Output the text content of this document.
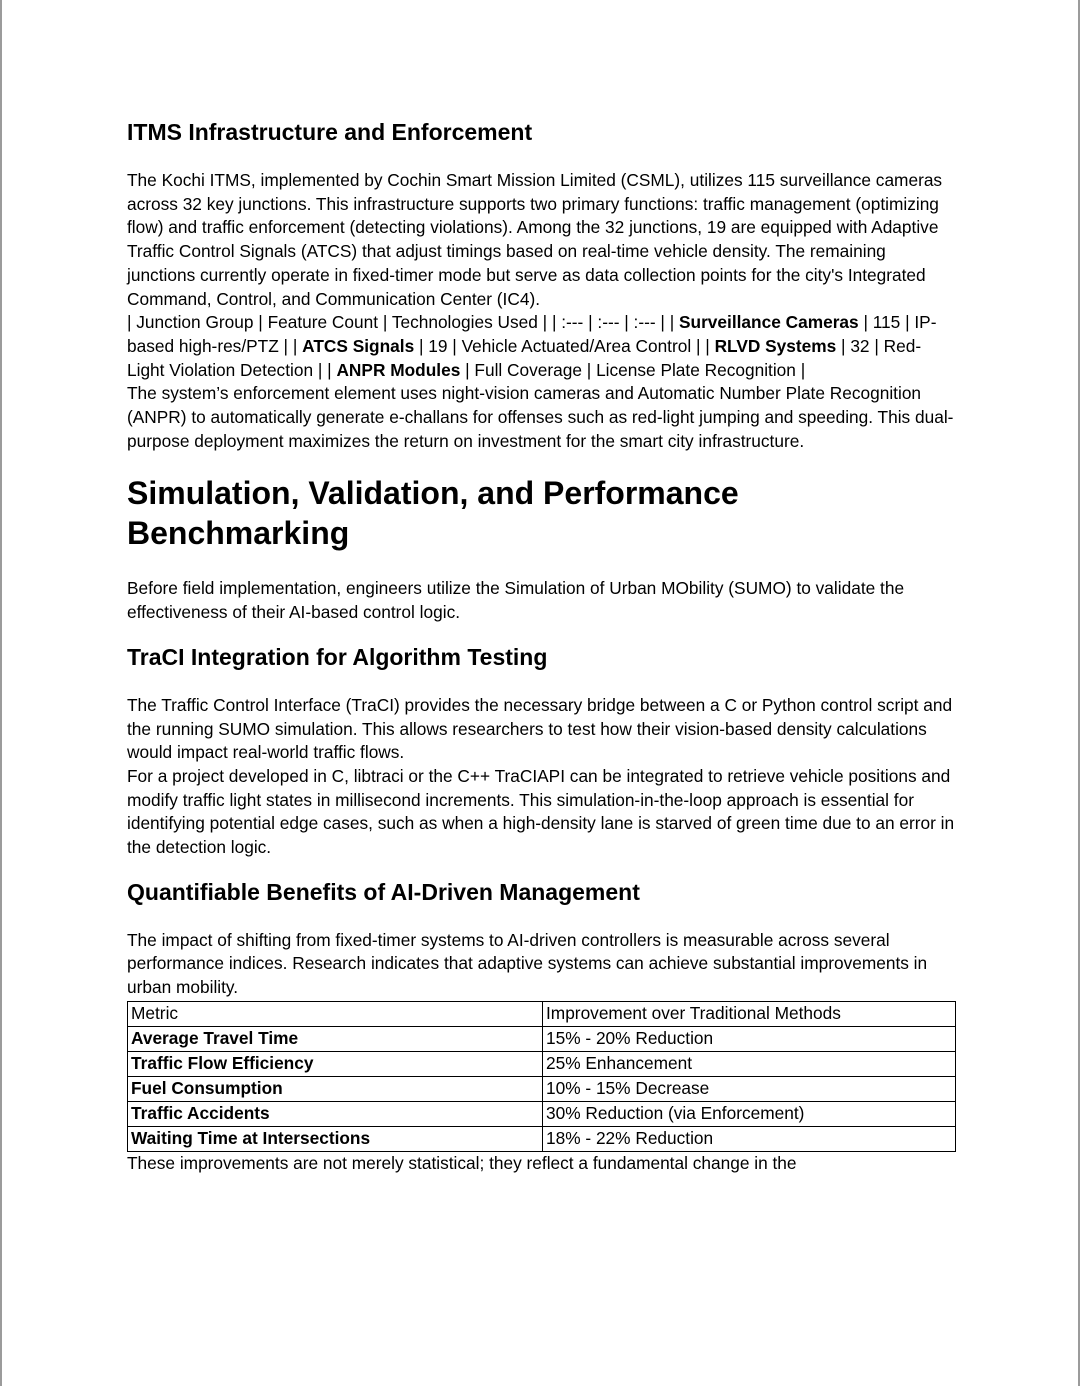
ITMS Infrastructure and Enforcement

The Kochi ITMS, implemented by Cochin Smart Mission Limited (CSML), utilizes 115 surveillance cameras across 32 key junctions. This infrastructure supports two primary functions: traffic management (optimizing flow) and traffic enforcement (detecting violations). Among the 32 junctions, 19 are equipped with Adaptive Traffic Control Signals (ATCS) that adjust timings based on real-time vehicle density. The remaining junctions currently operate in fixed-timer mode but serve as data collection points for the city's Integrated Command, Control, and Communication Center (IC4).

| Junction Group | Feature Count | Technologies Used | | :--- | :--- | :--- | | Surveillance Cameras | 115 | IP-based high-res/PTZ | | ATCS Signals | 19 | Vehicle Actuated/Area Control | | RLVD Systems | 32 | Red-Light Violation Detection | | ANPR Modules | Full Coverage | License Plate Recognition |

The system’s enforcement element uses night-vision cameras and Automatic Number Plate Recognition (ANPR) to automatically generate e-challans for offenses such as red-light jumping and speeding. This dual-purpose deployment maximizes the return on investment for the smart city infrastructure.

Simulation, Validation, and Performance Benchmarking

Before field implementation, engineers utilize the Simulation of Urban MObility (SUMO) to validate the effectiveness of their AI-based control logic.

TraCI Integration for Algorithm Testing

The Traffic Control Interface (TraCI) provides the necessary bridge between a C or Python control script and the running SUMO simulation. This allows researchers to test how their vision-based density calculations would impact real-world traffic flows.

For a project developed in C, libtraci or the C++ TraCIAPI can be integrated to retrieve vehicle positions and modify traffic light states in millisecond increments. This simulation-in-the-loop approach is essential for identifying potential edge cases, such as when a high-density lane is starved of green time due to an error in the detection logic.

Quantifiable Benefits of AI-Driven Management

The impact of shifting from fixed-timer systems to AI-driven controllers is measurable across several performance indices. Research indicates that adaptive systems can achieve substantial improvements in urban mobility.

Metric	Improvement over Traditional Methods
Average Travel Time	15% - 20% Reduction
Traffic Flow Efficiency	25% Enhancement
Fuel Consumption	10% - 15% Decrease
Traffic Accidents	30% Reduction (via Enforcement)
Waiting Time at Intersections	18% - 22% Reduction

These improvements are not merely statistical; they reflect a fundamental change in the
